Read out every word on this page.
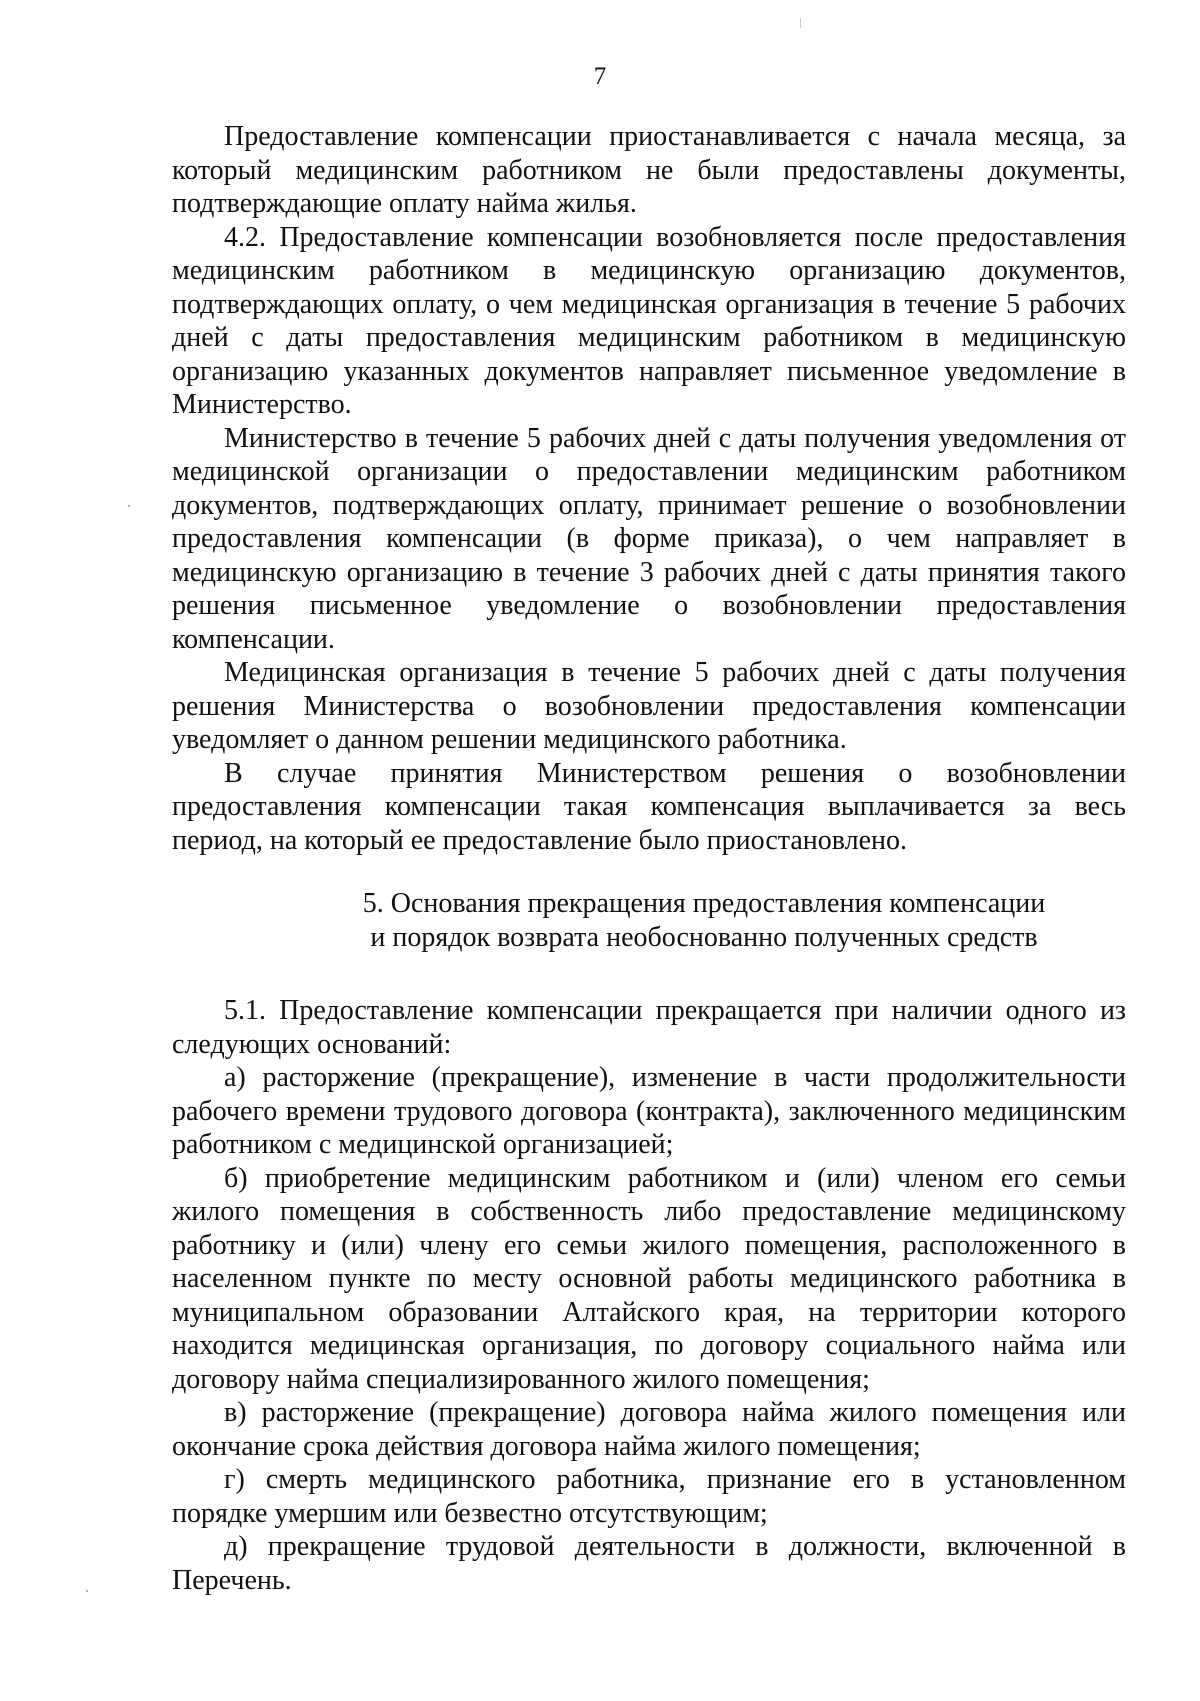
7

Предоставление компенсации приостанавливается с начала месяца, за который медицинским работником не были предоставлены документы, подтверждающие оплату найма жилья.

4.2. Предоставление компенсации возобновляется после предоставления медицинским работником в медицинскую организацию документов, подтверждающих оплату, о чем медицинская организация в течение 5 рабочих дней с даты предоставления медицинским работником в медицинскую организацию указанных документов направляет письменное уведомление в Министерство.

Министерство в течение 5 рабочих дней с даты получения уведомления от медицинской организации о предоставлении медицинским работником документов, подтверждающих оплату, принимает решение о возобновлении предоставления компенсации (в форме приказа), о чем направляет в медицинскую организацию в течение 3 рабочих дней с даты принятия такого решения письменное уведомление о возобновлении предоставления компенсации.

Медицинская организация в течение 5 рабочих дней с даты получения решения Министерства о возобновлении предоставления компенсации уведомляет о данном решении медицинского работника.

В случае принятия Министерством решения о возобновлении предоставления компенсации такая компенсация выплачивается за весь период, на который ее предоставление было приостановлено.

5. Основания прекращения предоставления компенсации
и порядок возврата необоснованно полученных средств

5.1. Предоставление компенсации прекращается при наличии одного из следующих оснований:

а) расторжение (прекращение), изменение в части продолжительности рабочего времени трудового договора (контракта), заключенного медицинским работником с медицинской организацией;

б) приобретение медицинским работником и (или) членом его семьи жилого помещения в собственность либо предоставление медицинскому работнику и (или) члену его семьи жилого помещения, расположенного в населенном пункте по месту основной работы медицинского работника в муниципальном образовании Алтайского края, на территории которого находится медицинская организация, по договору социального найма или договору найма специализированного жилого помещения;

в) расторжение (прекращение) договора найма жилого помещения или окончание срока действия договора найма жилого помещения;

г) смерть медицинского работника, признание его в установленном порядке умершим или безвестно отсутствующим;

д) прекращение трудовой деятельности в должности, включенной в Перечень.
